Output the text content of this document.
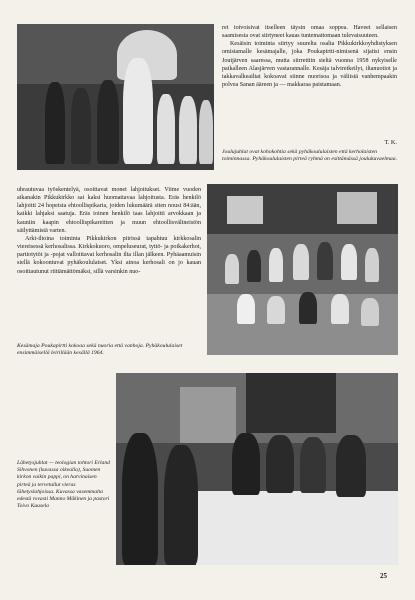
ret toivoisivat itselleen täysin omaa soppea. Haveet sellaisen saamisesta ovat siirtyneet kauas tuntemattomaan tulevaisuuteen.

Kesäisin toiminta siirtyy suurelta osalta Pikkukirkkoyhdistyksen omistamalle kesämajalle, joka Poukapirtti-nimisenä sijaitsi ensin Joutjärven saaressa, mutta siirrettiin sieltä vuonna 1958 nykyiselle paikalleen Alasjärven vastarannalle. Kesäja talviretkeilyt, iltanuotiot ja takkavalkeailtat kokoavat siinne nuorisoa ja väliistä vanhempaakin polvea Sanan ääreen ja — makkaraa paistamaan.

T. K.

Joulujuhlat ovat kohokohtia sekä pyhäkoululaisten että kerholaisten toiminnassa. Pyhäkoululaisten pirteä ryhmä on esittämässä joulukuvaelmaa.

uhrautuvaa työskentelyä, osoittavat monet lahjoitukset. Viime vuoden aikanakin Pikkukirkko sai kaksi huomattavaa lahjoitusta. Eräs henkilö lahjoitti 24 hopeista ehtoollispikaria, joiden lukumäärä siten nousi 84:ään, kaikki lahjaksi saatuja. Eräs toinen henkilö taas lahjoitti arvokkaan ja kauniin kaapin ehtoollispikareitten ja muun ehtoollisvälineistön säilyttämistä varten.

Arki-iltoina toiminta Pikkukirkon piirissä tapahtuu kirkkosalin viereisessä kerhosalissa. Kirkkokuoro, ompeluseurat, tyttö- ja poikakerhot, partiotytöt ja -pojat valloittavat kerhosalin ilta illan jälkeen. Pyhäaamuisin siellä kokoontuvat pyhäkoululaiset. Yksi ainoa kerhosali on jo kauan osoittautunut riittämättömäksi, sillä varsinkin nuo-

Kesämaja Poukapirtti kokoaa sekä nuoria että vanhoja. Pyhäkoululaiset ensimmäisellä leirillään kesällä 1964.

Lähetysjuhlat — teologian tohtori Erland Sihvonen (kuvassa oikealla), Suomen kirkon vaikin pappi, on harvinaisen pirteä ja tervetullut vieras lähetyslahjoissa. Kuvassa vasemmalta edestä rovasti Manno Mäkinen ja pastori Toivo Kuusela

25
